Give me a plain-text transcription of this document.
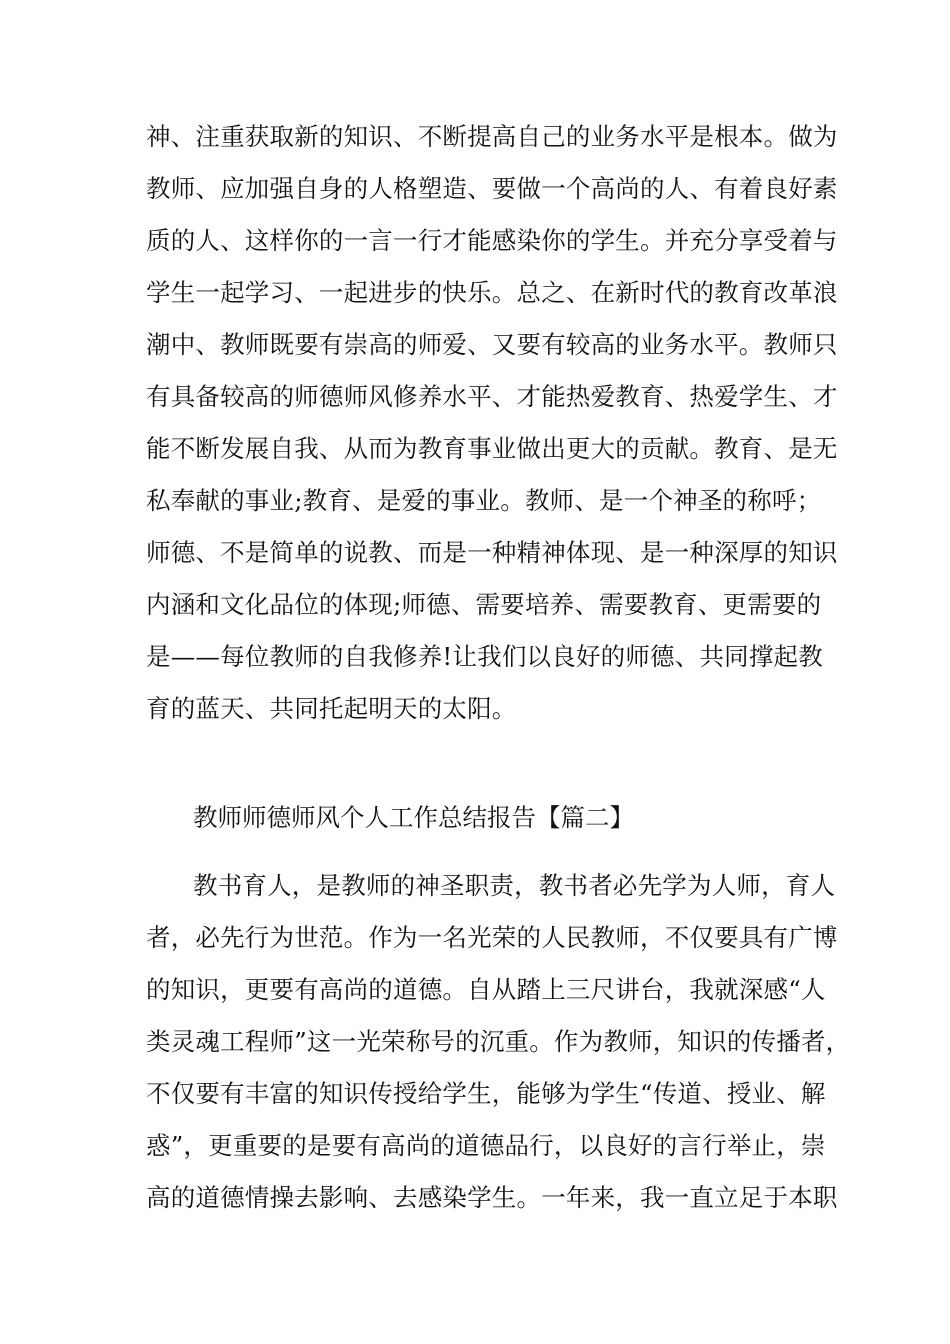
神、注重获取新的知识、不断提高自己的业务水平是根本。做为
教师、应加强自身的人格塑造、要做一个高尚的人、有着良好素
质的人、这样你的一言一行才能感染你的学生。并充分享受着与
学生一起学习、一起进步的快乐。总之、在新时代的教育改革浪
潮中、教师既要有崇高的师爱、又要有较高的业务水平。教师只
有具备较高的师德师风修养水平、才能热爱教育、热爱学生、才
能不断发展自我、从而为教育事业做出更大的贡献。教育、是无
私奉献的事业;教育、是爱的事业。教师、是一个神圣的称呼；
师德、不是简单的说教、而是一种精神体现、是一种深厚的知识
内涵和文化品位的体现;师德、需要培养、需要教育、更需要的
是——每位教师的自我修养!让我们以良好的师德、共同撑起教
育的蓝天、共同托起明天的太阳。
教师师德师风个人工作总结报告【篇二】
教书育人，是教师的神圣职责，教书者必先学为人师，育人
者，必先行为世范。作为一名光荣的人民教师，不仅要具有广博
的知识，更要有高尚的道德。自从踏上三尺讲台，我就深感“人
类灵魂工程师”这一光荣称号的沉重。作为教师，知识的传播者，
不仅要有丰富的知识传授给学生，能够为学生“传道、授业、解
惑”，更重要的是要有高尚的道德品行，以良好的言行举止，崇
高的道德情操去影响、去感染学生。一年来，我一直立足于本职
